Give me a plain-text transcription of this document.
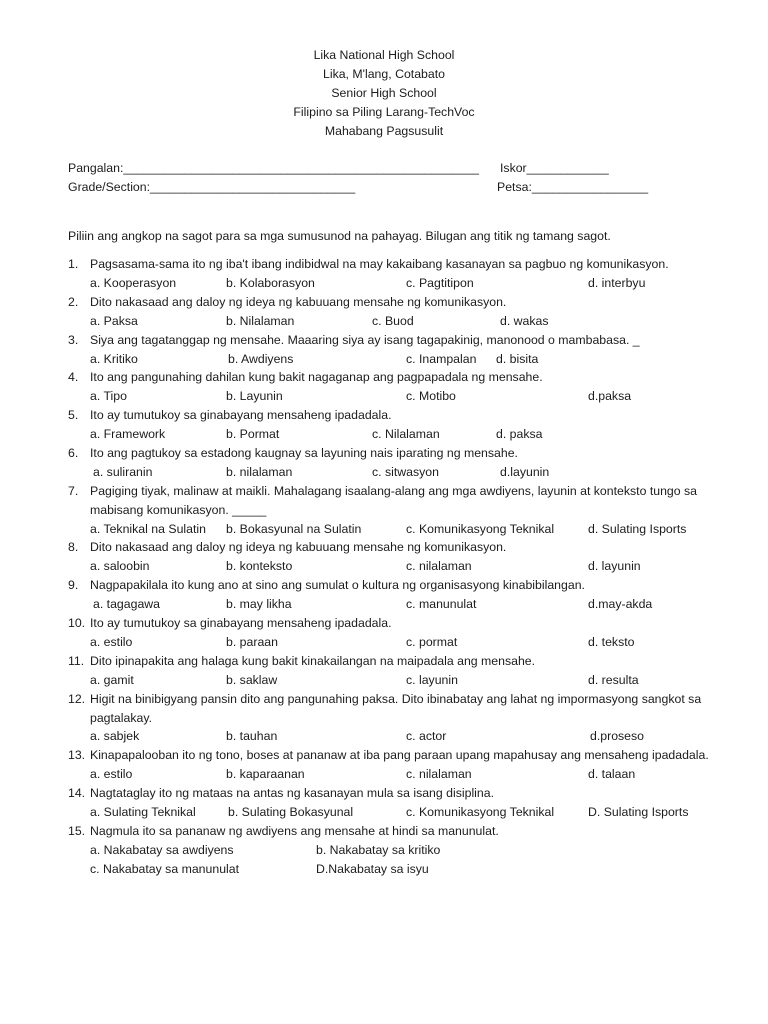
Lika National High School
Lika, M'lang, Cotabato
Senior High School
Filipino sa Piling Larang-TechVoc
Mahabang Pagsusulit
Pangalan:____________________________________________________ Iskor____________
Grade/Section:______________________________	Petsa:_________________
Piliin ang angkop na sagot para sa mga sumusunod na pahayag. Bilugan ang titik ng tamang sagot.
1. Pagsasama-sama ito ng iba't ibang indibidwal na may kakaibang kasanayan sa pagbuo ng komunikasyon.
a. Kooperasyon	b. Kolaborasyon	c. Pagtitipon	d. interbyu
2. Dito nakasaad ang daloy ng ideya ng kabuuang mensahe ng komunikasyon.
a. Paksa	b. Nilalaman	c. Buod	d. wakas
3. Siya ang tagatanggap ng mensahe. Maaaring siya ay isang tagapakinig, manonood o mambabasa. _
a. Kritiko	b. Awdiyens	c. Inampalan d. bisita
4. Ito ang pangunahing dahilan kung bakit nagaganap ang pagpapadala ng mensahe.
a. Tipo	b. Layunin	c. Motibo	d.paksa
5. Ito ay tumutukoy sa ginabayang mensaheng ipadadala.
a. Framework	b. Pormat	c. Nilalaman	d. paksa
6. Ito ang pagtukoy sa estadong kaugnay sa layuning nais iparating ng mensahe.
a. suliranin	b. nilalaman	c. sitwasyon	d.layunin
7. Pagiging tiyak, malinaw at maikli. Mahalagang isaalang-alang ang mga awdiyens, layunin at konteksto tungo sa mabisang komunikasyon. _____
a. Teknikal na Sulatin b. Bokasyunal na Sulatin	c. Komunikasyong Teknikal	d. Sulating Isports
8. Dito nakasaad ang daloy ng ideya ng kabuuang mensahe ng komunikasyon.
a. saloobin	b. konteksto	c. nilalaman	d. layunin
9. Nagpapakilala ito kung ano at sino ang sumulat o kultura ng organisasyong kinabibilangan.
a. tagagawa	b. may likha	c. manunulat	d.may-akda
10. Ito ay tumutukoy sa ginabayang mensaheng ipadadala.
a. estilo	b. paraan	c. pormat	d. teksto
11. Dito ipinapakita ang halaga kung bakit kinakailangan na maipadala ang mensahe.
a. gamit	b. saklaw	c. layunin	d. resulta
12. Higit na binibigyang pansin dito ang pangunahing paksa. Dito ibinabatay ang lahat ng impormasyong sangkot sa pagtalakay.
a. sabjek	b. tauhan	c. actor	d.proseso
13. Kinapapalooban ito ng tono, boses at pananaw at iba pang paraan upang mapahusay ang mensaheng ipadadala.
a. estilo	b. kaparaanan	c. nilalaman	d. talaan
14. Nagtataglay ito ng mataas na antas ng kasanayan mula sa isang disiplina.
a. Sulating Teknikal	b. Sulating Bokasyunal	c. Komunikasyong Teknikal	D. Sulating Isports
15. Nagmula ito sa pananaw ng awdiyens ang mensahe at hindi sa manunulat.
a. Nakabatay sa awdiyens	b. Nakabatay sa kritiko
c. Nakabatay sa manunulat	D.Nakabatay sa isyu
